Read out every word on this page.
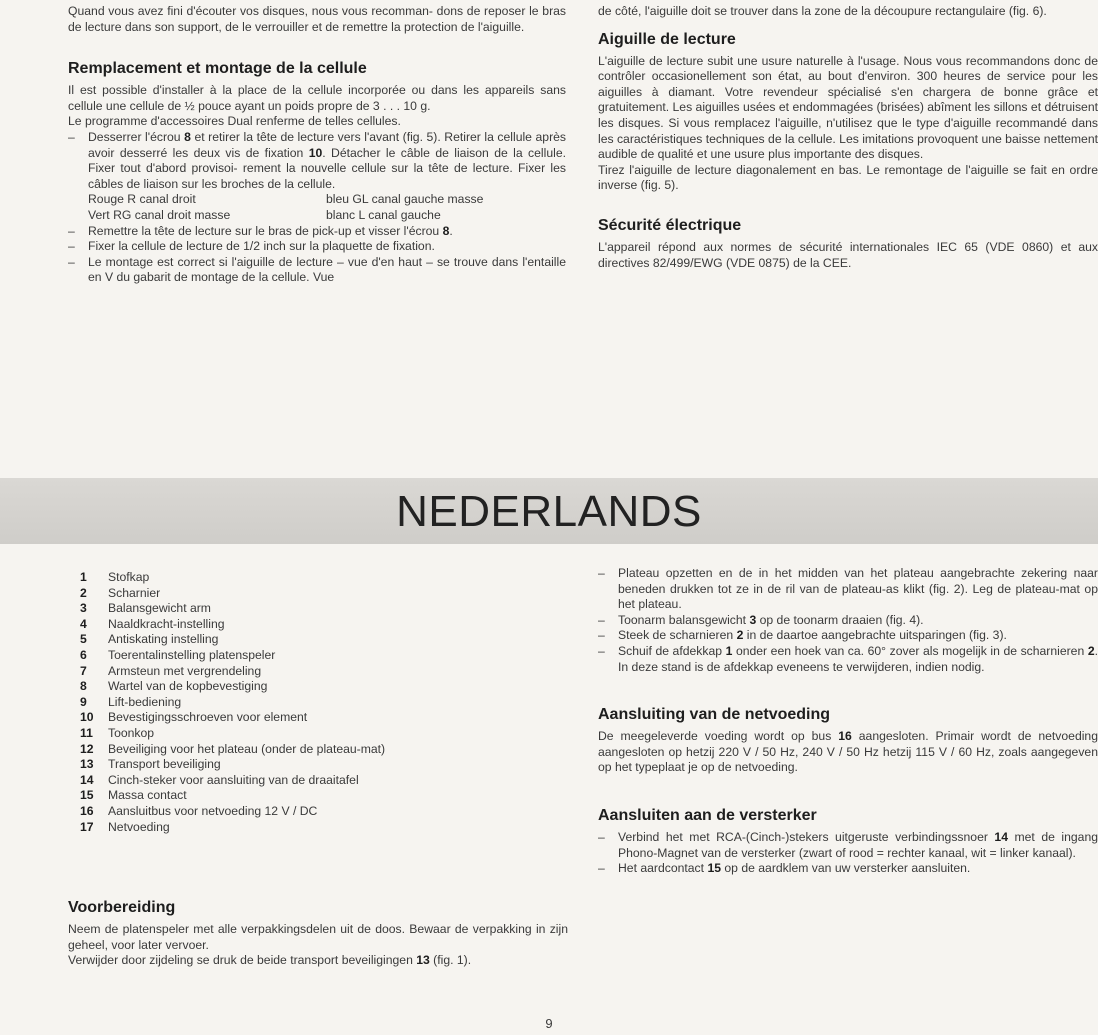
Quand vous avez fini d'écouter vos disques, nous vous recomman- dons de reposer le bras de lecture dans son support, de le verrouiller et de remettre la protection de l'aiguille.

Remplacement et montage de la cellule

Il est possible d'installer à la place de la cellule incorporée ou dans les appareils sans cellule une cellule de ½ pouce ayant un poids propre de 3 . . . 10 g.

Le programme d'accessoires Dual renferme de telles cellules.

– Desserrer l'écrou 8 et retirer la tête de lecture vers l'avant (fig. 5). Retirer la cellule après avoir desserré les deux vis de fixation 10. Détacher le câble de liaison de la cellule. Fixer tout d'abord provisoi- rement la nouvelle cellule sur la tête de lecture. Fixer les câbles de liaison sur les broches de la cellule.
Rouge R canal droit	bleu GL canal gauche masse
Vert RG canal droit masse	blanc L canal gauche
– Remettre la tête de lecture sur le bras de pick-up et visser l'écrou 8.
– Fixer la cellule de lecture de 1/2 inch sur la plaquette de fixation.
– Le montage est correct si l'aiguille de lecture – vue d'en haut – se trouve dans l'entaille en V du gabarit de montage de la cellule. Vue

de côté, l'aiguille doit se trouver dans la zone de la découpure rectangulaire (fig. 6).

Aiguille de lecture

L'aiguille de lecture subit une usure naturelle à l'usage. Nous vous recommandons donc de contrôler occasionellement son état, au bout d'environ. 300 heures de service pour les aiguilles à diamant. Votre revendeur spécialisé s'en chargera de bonne grâce et gratuitement. Les aiguilles usées et endommagées (brisées) abîment les sillons et détruisent les disques. Si vous remplacez l'aiguille, n'utilisez que le type d'aiguille recommandé dans les caractéristiques techniques de la cellule. Les imitations provoquent une baisse nettement audible de qualité et une usure plus importante des disques.

Tirez l'aiguille de lecture diagonalement en bas. Le remontage de l'aiguille se fait en ordre inverse (fig. 5).

Sécurité électrique

L'appareil répond aux normes de sécurité internationales IEC 65 (VDE 0860) et aux directives 82/499/EWG (VDE 0875) de la CEE.

NEDERLANDS
1	Stofkap
2	Scharnier
3	Balansgewicht arm
4	Naaldkracht-instelling
5	Antiskating instelling
6	Toerentalinstelling platenspeler
7	Armsteun met vergrendeling
8	Wartel van de kopbevestiging
9	Lift-bediening
10	Bevestigingsschroeven voor element
11	Toonkop
12	Beveiliging voor het plateau (onder de plateau-mat)
13	Transport beveiliging
14	Cinch-steker voor aansluiting van de draaitafel
15	Massa contact
16	Aansluitbus voor netvoeding 12 V / DC
17	Netvoeding
Voorbereiding

Neem de platenspeler met alle verpakkingsdelen uit de doos. Bewaar de verpakking in zijn geheel, voor later vervoer.

Verwijder door zijdeling se druk de beide transport beveiligingen 13 (fig. 1).

– Plateau opzetten en de in het midden van het plateau aangebrachte zekering naar beneden drukken tot ze in de ril van de plateau-as klikt (fig. 2). Leg de plateau-mat op het plateau.
– Toonarm balansgewicht 3 op de toonarm draaien (fig. 4).
– Steek de scharnieren 2 in de daartoe aangebrachte uitsparingen (fig. 3).
– Schuif de afdekkap 1 onder een hoek van ca. 60° zover als mogelijk in de scharnieren 2. In deze stand is de afdekkap eveneens te verwijderen, indien nodig.
Aansluiting van de netvoeding

De meegeleverde voeding wordt op bus 16 aangesloten. Primair wordt de netvoeding aangesloten op hetzij 220 V / 50 Hz, 240 V / 50 Hz hetzij 115 V / 60 Hz, zoals aangegeven op het typeplaat je op de netvoeding.

Aansluiten aan de versterker
– Verbind het met RCA-(Cinch-)stekers uitgeruste verbindingssnoer 14 met de ingang Phono-Magnet van de versterker (zwart of rood = rechter kanaal, wit = linker kanaal).
– Het aardcontact 15 op de aardklem van uw versterker aansluiten.
9
